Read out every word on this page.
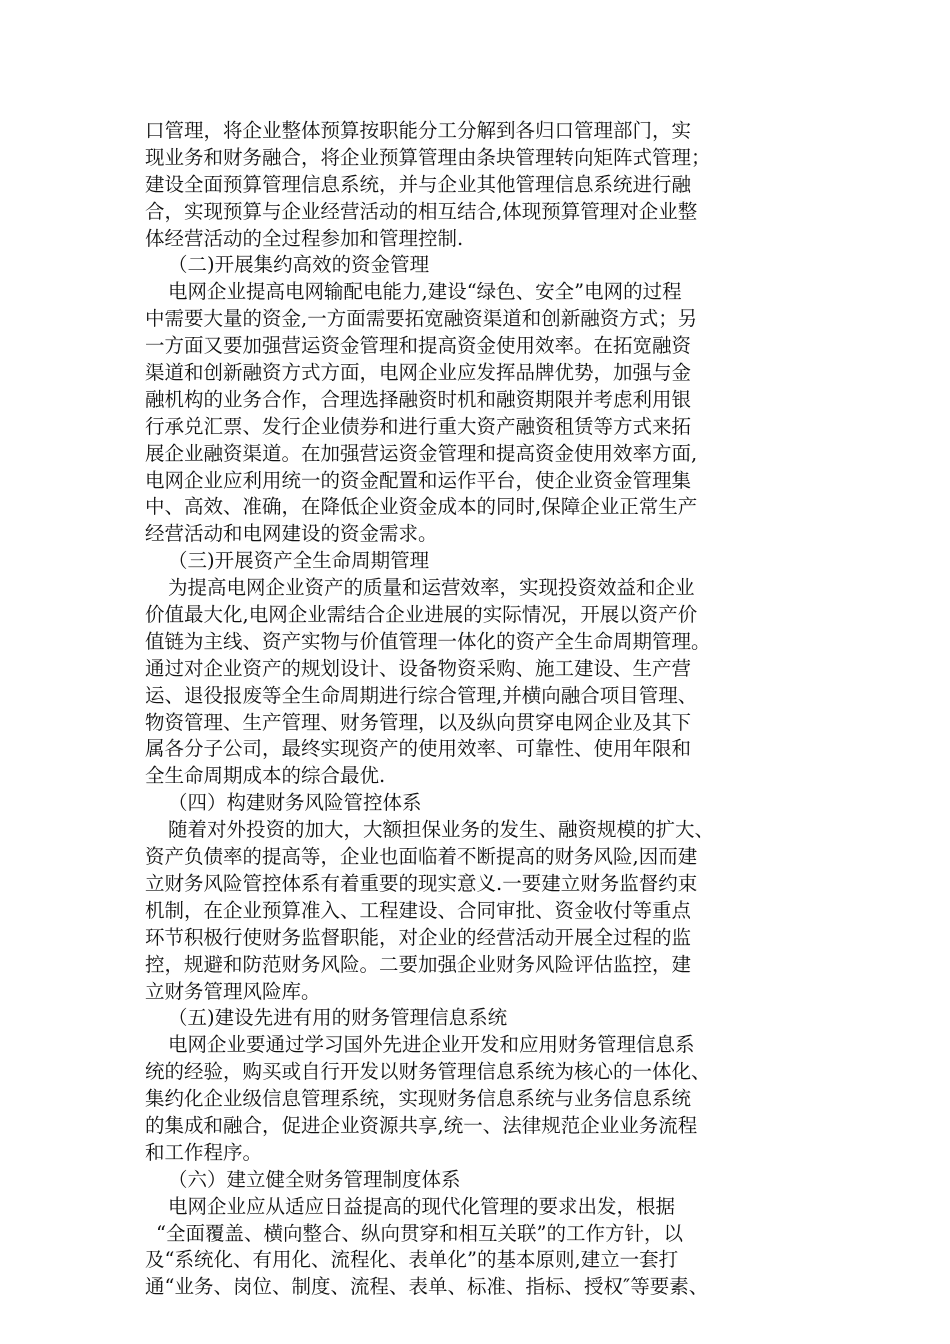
口管理，将企业整体预算按职能分工分解到各归口管理部门，实
现业务和财务融合，将企业预算管理由条块管理转向矩阵式管理；
建设全面预算管理信息系统，并与企业其他管理信息系统进行融
合，实现预算与企业经营活动的相互结合,体现预算管理对企业整
体经营活动的全过程参加和管理控制.
（二)开展集约高效的资金管理
电网企业提高电网输配电能力,建设“绿色、安全”电网的过程
中需要大量的资金,一方面需要拓宽融资渠道和创新融资方式；另
一方面又要加强营运资金管理和提高资金使用效率。在拓宽融资
渠道和创新融资方式方面，电网企业应发挥品牌优势，加强与金
融机构的业务合作，合理选择融资时机和融资期限并考虑利用银
行承兑汇票、发行企业债券和进行重大资产融资租赁等方式来拓
展企业融资渠道。在加强营运资金管理和提高资金使用效率方面,
电网企业应利用统一的资金配置和运作平台，使企业资金管理集
中、高效、准确，在降低企业资金成本的同时,保障企业正常生产
经营活动和电网建设的资金需求。
（三)开展资产全生命周期管理
为提高电网企业资产的质量和运营效率，实现投资效益和企业
价值最大化,电网企业需结合企业进展的实际情况，开展以资产价
值链为主线、资产实物与价值管理一体化的资产全生命周期管理。
通过对企业资产的规划设计、设备物资采购、施工建设、生产营
运、退役报废等全生命周期进行综合管理,并横向融合项目管理、
物资管理、生产管理、财务管理，以及纵向贯穿电网企业及其下
属各分子公司，最终实现资产的使用效率、可靠性、使用年限和
全生命周期成本的综合最优.
（四）构建财务风险管控体系
随着对外投资的加大，大额担保业务的发生、融资规模的扩大、
资产负债率的提高等，企业也面临着不断提高的财务风险,因而建
立财务风险管控体系有着重要的现实意义.一要建立财务监督约束
机制，在企业预算准入、工程建设、合同审批、资金收付等重点
环节积极行使财务监督职能，对企业的经营活动开展全过程的监
控，规避和防范财务风险。二要加强企业财务风险评估监控，建
立财务管理风险库。
（五)建设先进有用的财务管理信息系统
电网企业要通过学习国外先进企业开发和应用财务管理信息系
统的经验，购买或自行开发以财务管理信息系统为核心的一体化、
集约化企业级信息管理系统，实现财务信息系统与业务信息系统
的集成和融合，促进企业资源共享,统一、法律规范企业业务流程
和工作程序。
（六）建立健全财务管理制度体系
电网企业应从适应日益提高的现代化管理的要求出发，根据
“全面覆盖、横向整合、纵向贯穿和相互关联”的工作方针，以
及“系统化、有用化、流程化、表单化”的基本原则,建立一套打
通“业务、岗位、制度、流程、表单、标准、指标、授权″等要素、
